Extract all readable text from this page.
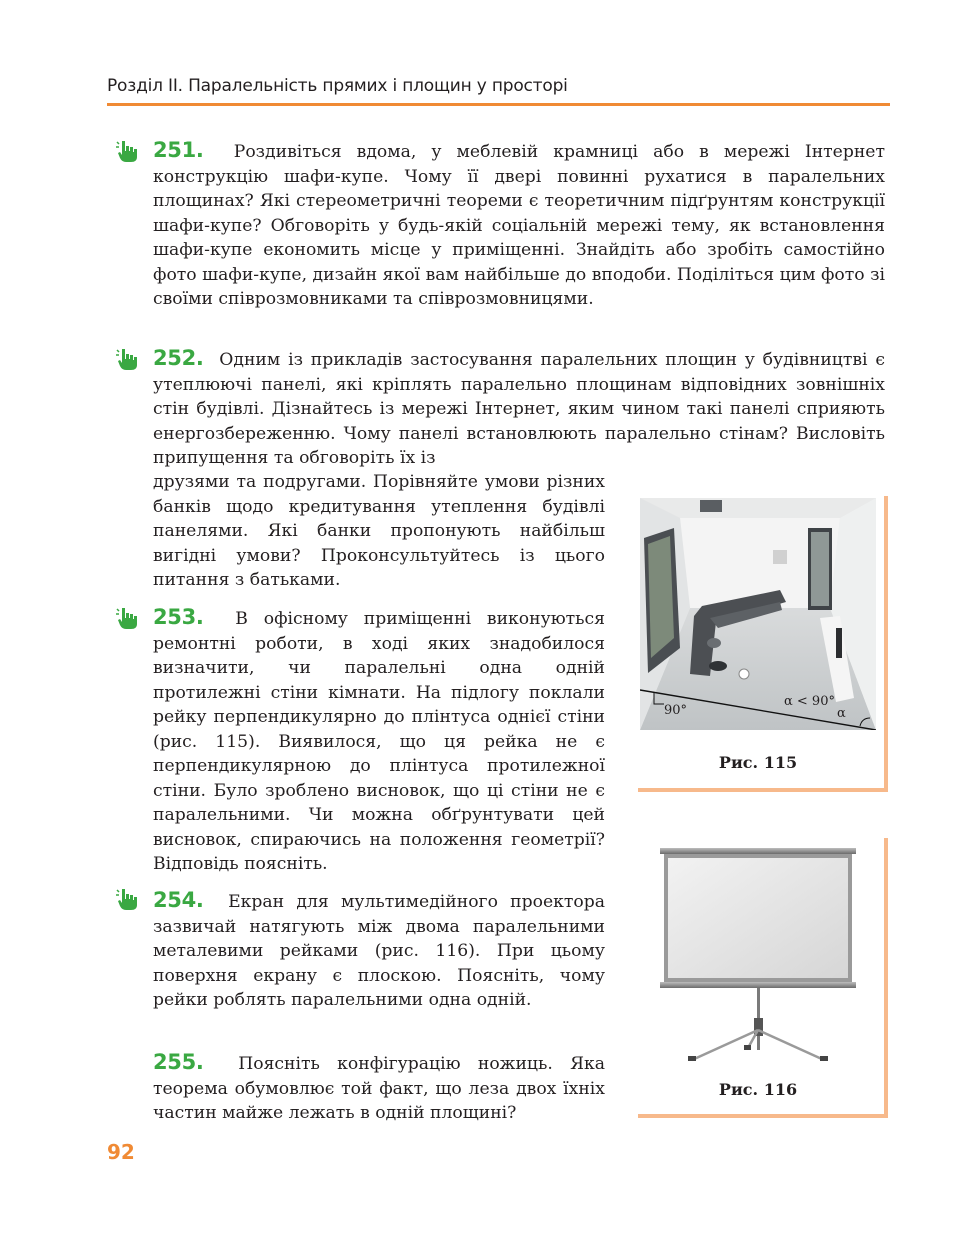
Розділ ІІ. Паралельність прямих і площин у просторі
251. Роздивіться вдома, у меблевій крамниці або в мережі Інтернет конструкцію шафи-купе. Чому її двері повинні рухатися в паралельних площинах? Які стереометричні теореми є теоретичним підґрунтям конструкції шафи-купе? Обговоріть у будь-якій соціальній мережі тему, як встановлення шафи-купе економить місце у приміщенні. Знайдіть або зробіть самостійно фото шафи-купе, дизайн якої вам найбільше до вподоби. Поділіться цим фото зі своїми співрозмовниками та співрозмовницями.
252. Одним із прикладів застосування паралельних площин у будівництві є утеплюючі панелі, які кріплять паралельно площинам відповідних зовнішніх стін будівлі. Дізнайтесь із мережі Інтернет, яким чином такі панелі сприяють енергозбереженню. Чому панелі встановлюють паралельно стінам? Висловіть припущення та обговоріть їх із
друзями та подругами. Порівняйте умови різних банків щодо кредитування утеплення будівлі панелями. Які банки пропонують найбільш вигідні умови? Проконсультуйтесь із цього питання з батьками.
253. В офісному приміщенні виконуються ремонтні роботи, в ході яких знадобилося визначити, чи паралельні одна одній протилежні стіни кімнати. На підлогу поклали рейку перпендикулярно до плінтуса однієї стіни (рис. 115). Виявилося, що ця рейка не є перпендикулярною до плінтуса протилежної стіни. Було зроблено висновок, що ці стіни не є паралельними. Чи можна обґрунтувати цей висновок, спираючись на положення геометрії? Відповідь поясніть.
254. Екран для мультимедійного проектора зазвичай натягують між двома паралельними металевими рейками (рис. 116). При цьому поверхня екрану є плоскою. Поясніть, чому рейки роблять паралельними одна одній.
255. Поясніть конфігурацію ножиць. Яка теорема обумовлює той факт, що леза двох їхніх частин майже лежать в одній площині?
90°
α < 90°
α
Рис. 115
Рис. 116
92
